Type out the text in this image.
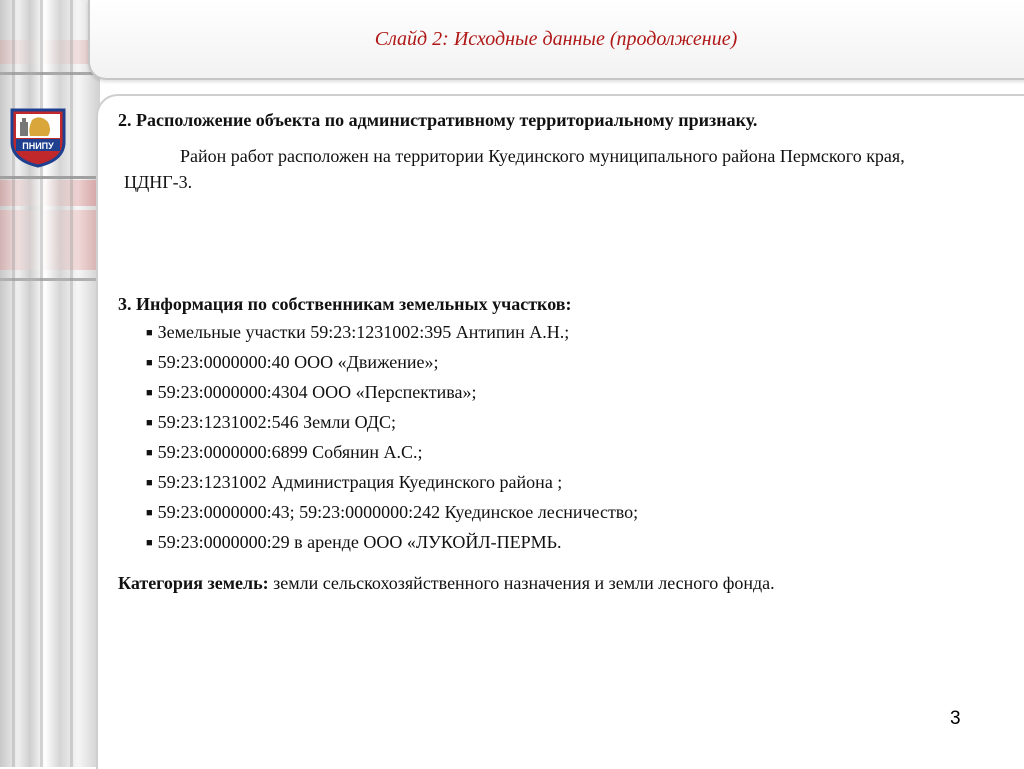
Слайд 2: Исходные данные (продолжение)
ПНИПУ

2. Расположение объекта по административному территориальному признаку.

Район работ расположен на территории Куединского муниципального района Пермского края, ЦДНГ-3.

3. Информация по собственникам земельных участков:

■ Земельные участки 59:23:1231002:395 Антипин А.Н.;
■ 59:23:0000000:40 ООО «Движение»;
■ 59:23:0000000:4304 ООО «Перспектива»;
■ 59:23:1231002:546 Земли ОДС;
■ 59:23:0000000:6899 Собянин А.С.;
■ 59:23:1231002 Администрация Куединского района ;
■ 59:23:0000000:43; 59:23:0000000:242 Куединское лесничество;
■ 59:23:0000000:29 в аренде ООО «ЛУКОЙЛ-ПЕРМЬ.
Категория земель: земли сельскохозяйственного назначения и земли лесного фонда.
3
